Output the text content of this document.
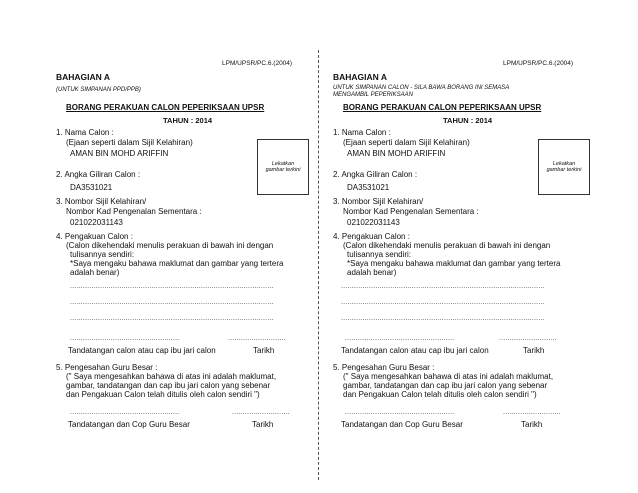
LPM/UPSR/PC.6.(2004)
BAHAGIAN A
(UNTUK SIMPANAN PPD/PPB)
BORANG PERAKUAN CALON PEPERIKSAAN UPSR
TAHUN : 2014
1. Nama Calon :
(Ejaan seperti dalam Sijil Kelahiran)
AMAN BIN MOHD ARIFFIN
Lekatkan
gambar terkini
2. Angka Giliran Calon :
DA3531021
3. Nombor Sijil Kelahiran/
Nombor Kad Pengenalan Sementara :
021022031143
4. Pengakuan Calon :
(Calon dikehendaki menulis perakuan di bawah ini dengan
tulisannya sendiri:
*Saya mengaku bahawa maklumat dan gambar yang tertera
adalah benar)
...............................................................................................
...............................................................................................
...............................................................................................
...................................................	...........................
Tandatangan calon atau cap ibu jari calon	Tarikh
5. Pengesahan Guru Besar :
(" Saya mengesahkan bahawa di atas ini adalah maklumat,
gambar, tandatangan dan cap ibu jari calon yang sebenar
dan Pengakuan Calon telah ditulis oleh calon sendiri ")
...................................................	...........................
Tandatangan dan Cop Guru Besar	Tarikh
LPM/UPSR/PC.6.(2004)
BAHAGIAN A
UNTUK SIMPANAN CALON - SILA BAWA BORANG INI SEMASA
MENGAMBIL PEPERIKSAAN
BORANG PERAKUAN CALON PEPERIKSAAN UPSR
TAHUN : 2014
1. Nama Calon :
(Ejaan seperti dalam Sijil Kelahiran)
AMAN BIN MOHD ARIFFIN
Lekatkan
gambar terkini
2. Angka Giliran Calon :
DA3531021
3. Nombor Sijil Kelahiran/
Nombor Kad Pengenalan Sementara :
021022031143
4. Pengakuan Calon :
(Calon dikehendaki menulis perakuan di bawah ini dengan
tulisannya sendiri:
*Saya mengaku bahawa maklumat dan gambar yang tertera
adalah benar)
...............................................................................................
...............................................................................................
...............................................................................................
...................................................	...........................
Tandatangan calon atau cap ibu jari calon	Tarikh
5. Pengesahan Guru Besar :
(" Saya mengesahkan bahawa di atas ini adalah maklumat,
gambar, tandatangan dan cap ibu jari calon yang sebenar
dan Pengakuan Calon telah ditulis oleh calon sendiri ")
...................................................	...........................
Tandatangan dan Cop Guru Besar	Tarikh
